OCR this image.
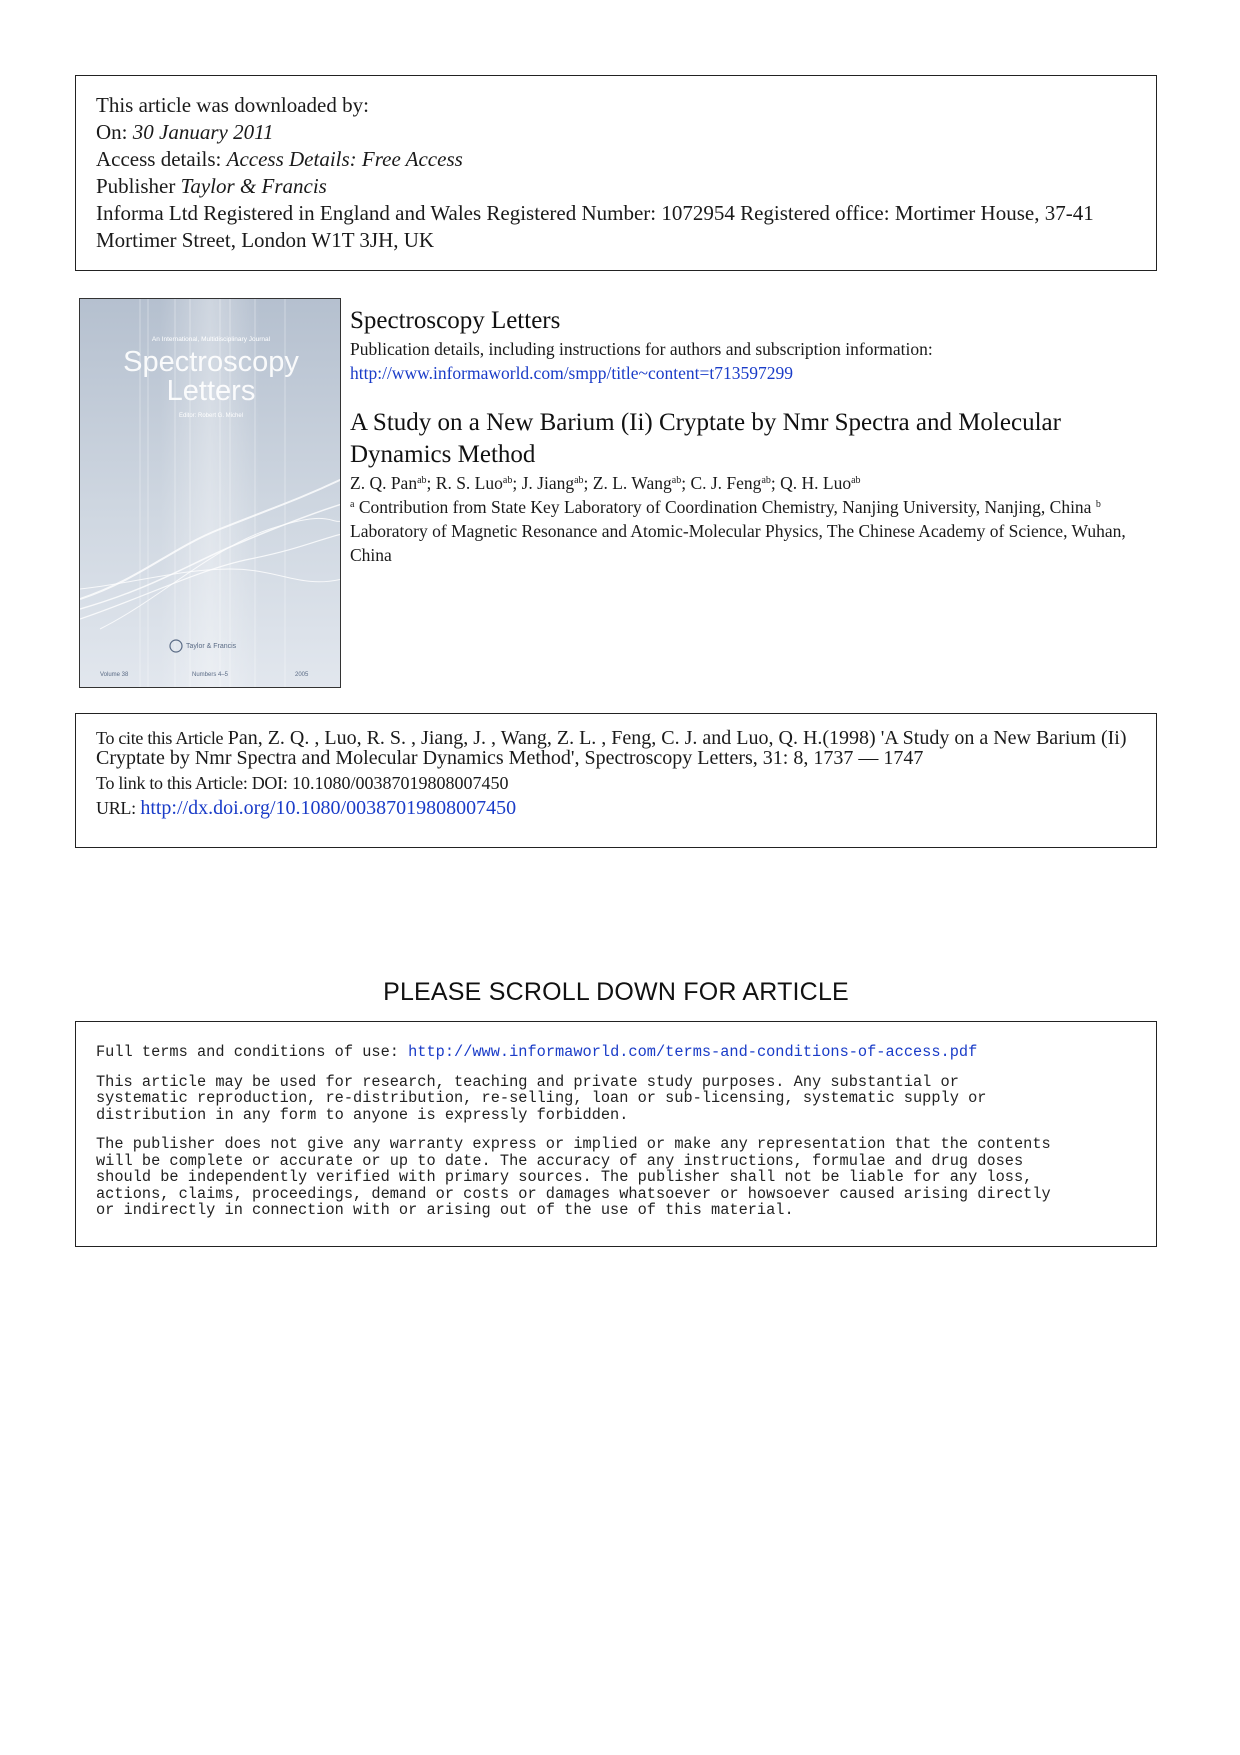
This article was downloaded by:
On: 30 January 2011
Access details: Access Details: Free Access
Publisher Taylor & Francis
Informa Ltd Registered in England and Wales Registered Number: 1072954 Registered office: Mortimer House, 37-41 Mortimer Street, London W1T 3JH, UK
An International, Multidisciplinary Journal
Spectroscopy
Letters
Editor: Robert G. Michel
Taylor & Francis
Volume 38	Numbers 4–5	2005
Spectroscopy Letters
Publication details, including instructions for authors and subscription information:
http://www.informaworld.com/smpp/title~content=t713597299
A Study on a New Barium (Ii) Cryptate by Nmr Spectra and Molecular Dynamics Method
Z. Q. Pan$^{ab}$; R. S. Luo$^{ab}$; J. Jiang$^{ab}$; Z. L. Wang$^{ab}$; C. J. Feng$^{ab}$; Q. H. Luo$^{ab}$
$^a$ Contribution from State Key Laboratory of Coordination Chemistry, Nanjing University, Nanjing, China $^b$ Laboratory of Magnetic Resonance and Atomic-Molecular Physics, The Chinese Academy of Science, Wuhan, China
To cite this Article Pan, Z. Q. , Luo, R. S. , Jiang, J. , Wang, Z. L. , Feng, C. J. and Luo, Q. H.(1998) 'A Study on a New Barium (Ii) Cryptate by Nmr Spectra and Molecular Dynamics Method', Spectroscopy Letters, 31: 8, 1737 — 1747
To link to this Article: DOI: 10.1080/00387019808007450
URL: http://dx.doi.org/10.1080/00387019808007450
PLEASE SCROLL DOWN FOR ARTICLE

Full terms and conditions of use: http://www.informaworld.com/terms-and-conditions-of-access.pdf

This article may be used for research, teaching and private study purposes. Any substantial or
systematic reproduction, re-distribution, re-selling, loan or sub-licensing, systematic supply or
distribution in any form to anyone is expressly forbidden.

The publisher does not give any warranty express or implied or make any representation that the contents
will be complete or accurate or up to date. The accuracy of any instructions, formulae and drug doses
should be independently verified with primary sources. The publisher shall not be liable for any loss,
actions, claims, proceedings, demand or costs or damages whatsoever or howsoever caused arising directly
or indirectly in connection with or arising out of the use of this material.
